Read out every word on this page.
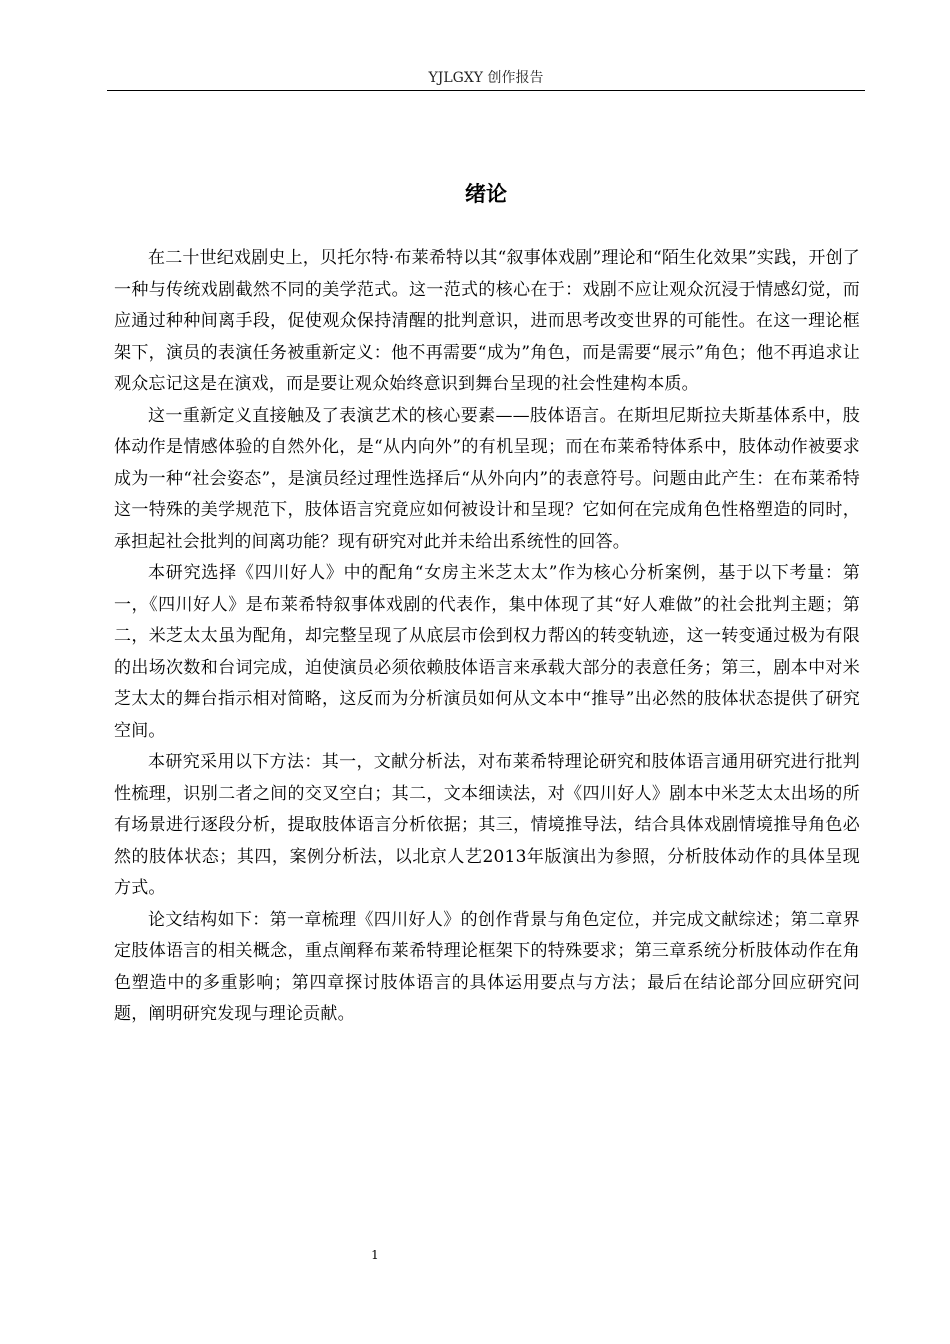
YJLGXY 创作报告
绪论

在二十世纪戏剧史上，贝托尔特·布莱希特以其“叙事体戏剧”理论和“陌生化效果”实践，开创了一种与传统戏剧截然不同的美学范式。这一范式的核心在于：戏剧不应让观众沉浸于情感幻觉，而应通过种种间离手段，促使观众保持清醒的批判意识，进而思考改变世界的可能性。在这一理论框架下，演员的表演任务被重新定义：他不再需要“成为”角色，而是需要“展示”角色；他不再追求让观众忘记这是在演戏，而是要让观众始终意识到舞台呈现的社会性建构本质。

这一重新定义直接触及了表演艺术的核心要素——肢体语言。在斯坦尼斯拉夫斯基体系中，肢体动作是情感体验的自然外化，是“从内向外”的有机呈现；而在布莱希特体系中，肢体动作被要求成为一种“社会姿态”，是演员经过理性选择后“从外向内”的表意符号。问题由此产生：在布莱希特这一特殊的美学规范下，肢体语言究竟应如何被设计和呈现？它如何在完成角色性格塑造的同时，承担起社会批判的间离功能？现有研究对此并未给出系统性的回答。

本研究选择《四川好人》中的配角“女房主米芝太太”作为核心分析案例，基于以下考量：第一，《四川好人》是布莱希特叙事体戏剧的代表作，集中体现了其“好人难做”的社会批判主题；第二，米芝太太虽为配角，却完整呈现了从底层市侩到权力帮凶的转变轨迹，这一转变通过极为有限的出场次数和台词完成，迫使演员必须依赖肢体语言来承载大部分的表意任务；第三，剧本中对米芝太太的舞台指示相对简略，这反而为分析演员如何从文本中“推导”出必然的肢体状态提供了研究空间。

本研究采用以下方法：其一，文献分析法，对布莱希特理论研究和肢体语言通用研究进行批判性梳理，识别二者之间的交叉空白；其二，文本细读法，对《四川好人》剧本中米芝太太出场的所有场景进行逐段分析，提取肢体语言分析依据；其三，情境推导法，结合具体戏剧情境推导角色必然的肢体状态；其四，案例分析法，以北京人艺2013年版演出为参照，分析肢体动作的具体呈现方式。

论文结构如下：第一章梳理《四川好人》的创作背景与角色定位，并完成文献综述；第二章界定肢体语言的相关概念，重点阐释布莱希特理论框架下的特殊要求；第三章系统分析肢体动作在角色塑造中的多重影响；第四章探讨肢体语言的具体运用要点与方法；最后在结论部分回应研究问题，阐明研究发现与理论贡献。

1
